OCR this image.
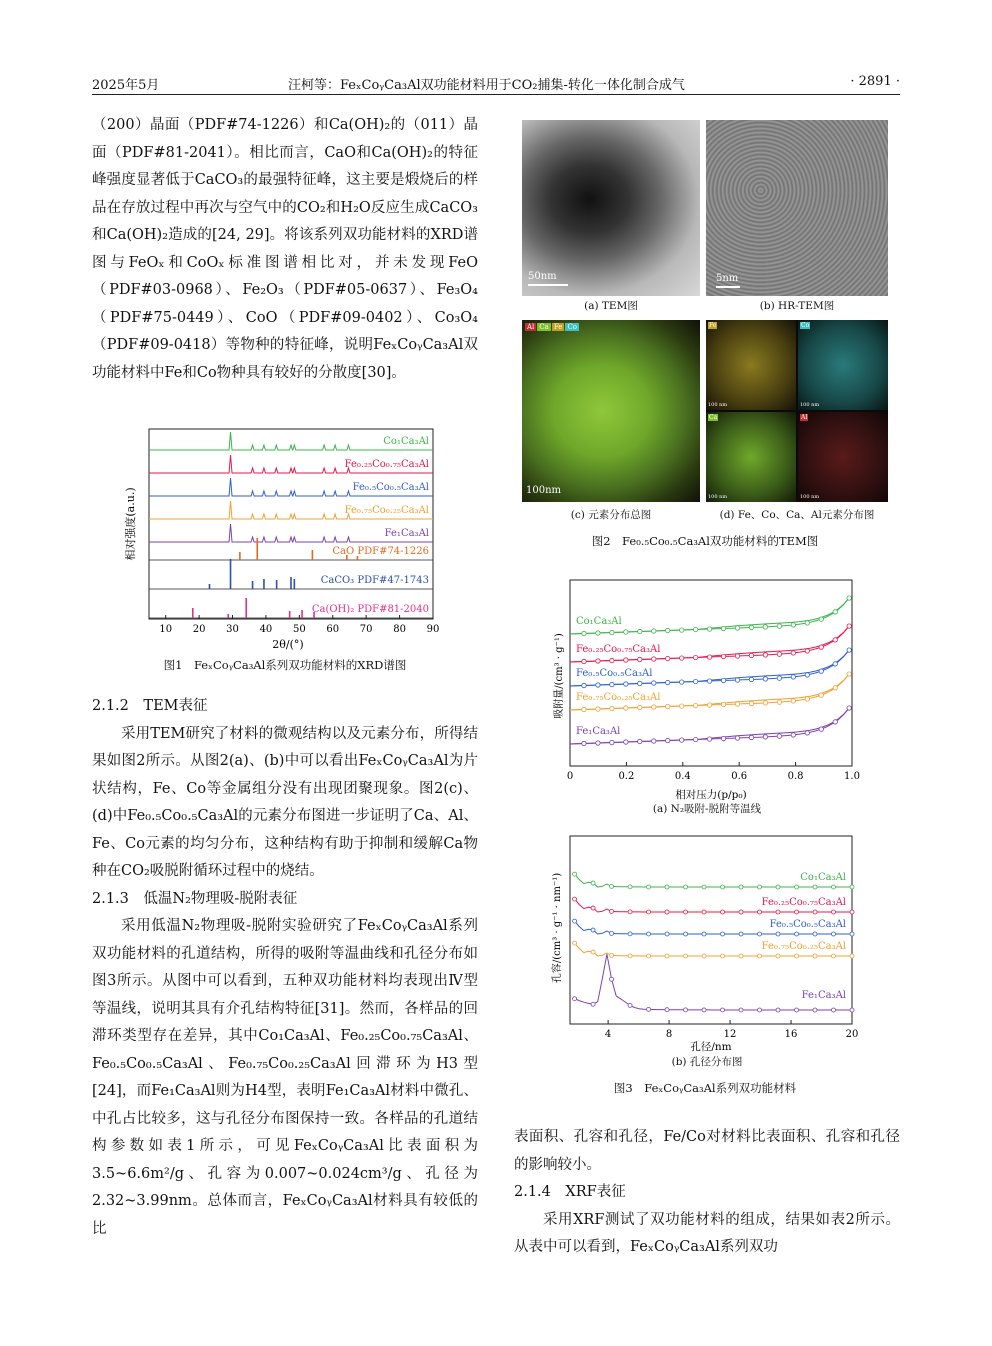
2025年5月	汪柯等：FeₓCoᵧCa₃Al双功能材料用于CO₂捕集-转化一体化制合成气	· 2891 ·

（200）晶面（PDF#74-1226）和Ca(OH)₂的（011）晶面（PDF#81-2041）。相比而言，CaO和Ca(OH)₂的特征峰强度显著低于CaCO₃的最强特征峰，这主要是煅烧后的样品在存放过程中再次与空气中的CO₂和H₂O反应生成CaCO₃和Ca(OH)₂造成的[24, 29]。将该系列双功能材料的XRD谱图与FeOₓ和CoOₓ标准图谱相比对，并未发现FeO（PDF#03-0968）、Fe₂O₃（PDF#05-0637）、Fe₃O₄（PDF#75-0449）、CoO（PDF#09-0402）、Co₃O₄（PDF#09-0418）等物种的特征峰，说明FeₓCoᵧCa₃Al双功能材料中Fe和Co物种具有较好的分散度[30]。

Co₁Ca₃Al
Fe₀.₂₅Co₀.₇₅Ca₃Al
Fe₀.₅Co₀.₅Ca₃Al
Fe₀.₇₅Co₀.₂₅Ca₃Al
Fe₁Ca₃Al
CaO PDF#74-1226
CaCO₃ PDF#47-1743
Ca(OH)₂ PDF#81-2040
10 20 30 40 50 60 70 80 90
2θ/(°)
相对强度(a.u.)
图1　FeₓCoᵧCa₃Al系列双功能材料的XRD谱图

2.1.2　TEM表征

采用TEM研究了材料的微观结构以及元素分布，所得结果如图2所示。从图2(a)、(b)中可以看出FeₓCoᵧCa₃Al为片状结构，Fe、Co等金属组分没有出现团聚现象。图2(c)、(d)中Fe₀.₅Co₀.₅Ca₃Al的元素分布图进一步证明了Ca、Al、Fe、Co元素的均匀分布，这种结构有助于抑制和缓解Ca物种在CO₂吸脱附循环过程中的烧结。

2.1.3　低温N₂物理吸-脱附表征

采用低温N₂物理吸-脱附实验研究了FeₓCoᵧCa₃Al系列双功能材料的孔道结构，所得的吸附等温曲线和孔径分布如图3所示。从图中可以看到，五种双功能材料均表现出Ⅳ型等温线，说明其具有介孔结构特征[31]。然而，各样品的回滞环类型存在差异，其中Co₁Ca₃Al、Fe₀.₂₅Co₀.₇₅Ca₃Al、Fe₀.₅Co₀.₅Ca₃Al、Fe₀.₇₅Co₀.₂₅Ca₃Al回滞环为H3型[24]，而Fe₁Ca₃Al则为H4型，表明Fe₁Ca₃Al材料中微孔、中孔占比较多，这与孔径分布图保持一致。各样品的孔道结构参数如表1所示，可见FeₓCoᵧCa₃Al比表面积为3.5~6.6m²/g、孔容为0.007~0.024cm³/g、孔径为2.32~3.99nm。总体而言，FeₓCoᵧCa₃Al材料具有较低的比

50nm	5nm
(a) TEM图	(b) HR-TEM图
Al Ca Fe Co
100nm
Fe
100 nm
Co
100 nm
Ca
100 nm
Al
100 nm
(c) 元素分布总图	(d) Fe、Co、Ca、Al元素分布图
图2　Fe₀.₅Co₀.₅Ca₃Al双功能材料的TEM图
Co₁Ca₃Al
Fe₀.₂₅Co₀.₇₅Ca₃Al
Fe₀.₅Co₀.₅Ca₃Al
Fe₀.₇₅Co₀.₂₅Ca₃Al
Fe₁Ca₃Al
0	0.2	0.4	0.6	0.8	1.0
相对压力(p/p₀)
吸附量/(cm³ · g⁻¹)
(a) N₂吸附-脱附等温线
Co₁Ca₃Al
Fe₀.₂₅Co₀.₇₅Ca₃Al
Fe₀.₅Co₀.₅Ca₃Al
Fe₀.₇₅Co₀.₂₅Ca₃Al
Fe₁Ca₃Al
4	8	12	16	20
孔径/nm
孔容/(cm³ · g⁻¹ · nm⁻¹)
(b) 孔径分布图
图3　FeₓCoᵧCa₃Al系列双功能材料

表面积、孔容和孔径，Fe/Co对材料比表面积、孔容和孔径的影响较小。

2.1.4　XRF表征

采用XRF测试了双功能材料的组成，结果如表2所示。从表中可以看到，FeₓCoᵧCa₃Al系列双功
